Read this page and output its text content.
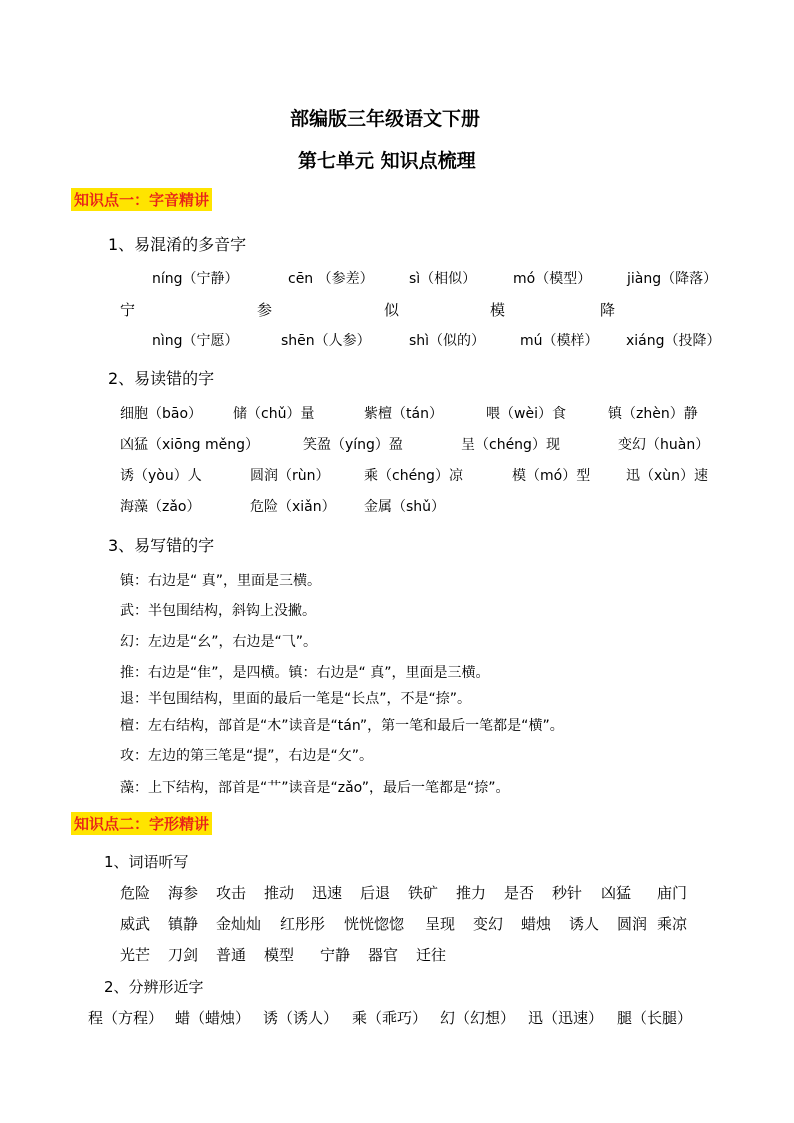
部编版三年级语文下册
第七单元 知识点梳理
知识点一：字音精讲
1、易混淆的多音字
níng（宁静）	cēn （参差）	sì（相似）	mó（模型）	jiàng（降落）
宁	参	似	模	降
nìng（宁愿）	shēn（人参）	shì（似的） mú（模样） xiáng（投降）
2、易读错的字
细胞（bāo） 储（chǔ）量	紫檀（tán）	喂（wèi）食	镇（zhèn）静
凶猛（xiōng měng）	笑盈（yíng）盈	呈（chéng）现	变幻（huàn）
诱（yòu）人	圆润（rùn） 乘（chéng）凉	模（mó）型	迅（xùn）速
海藻（zǎo）	危险（xiǎn） 金属（shǔ）
3、易写错的字
镇：右边是“ 真”，里面是三横。
武：半包围结构，斜钩上没撇。
幻：左边是“幺”，右边是“⺄”。
推：右边是“隹”，是四横。镇：右边是“ 真”，里面是三横。
退：半包围结构，里面的最后一笔是“长点”，不是“捺”。
檀：左右结构，部首是“木”读音是“tán”，第一笔和最后一笔都是“横”。
攻：左边的第三笔是“提”，右边是“攵”。
藻：上下结构，部首是“艹”读音是“zǎo”，最后一笔都是“捺”。
知识点二：字形精讲
1、词语听写
危险 海参 攻击 推动 迅速 后退 铁矿 推力 是否 秒针 凶猛 庙门
威武 镇静 金灿灿 红彤彤 恍恍惚惚 呈现 变幻 蜡烛 诱人 圆润 乘凉
光芒 刀剑 普通 模型 宁静 器官 迁往
2、分辨形近字
程（方程） 蜡（蜡烛） 诱（诱人） 乘（乖巧） 幻（幻想） 迅（迅速） 腿（长腿）
